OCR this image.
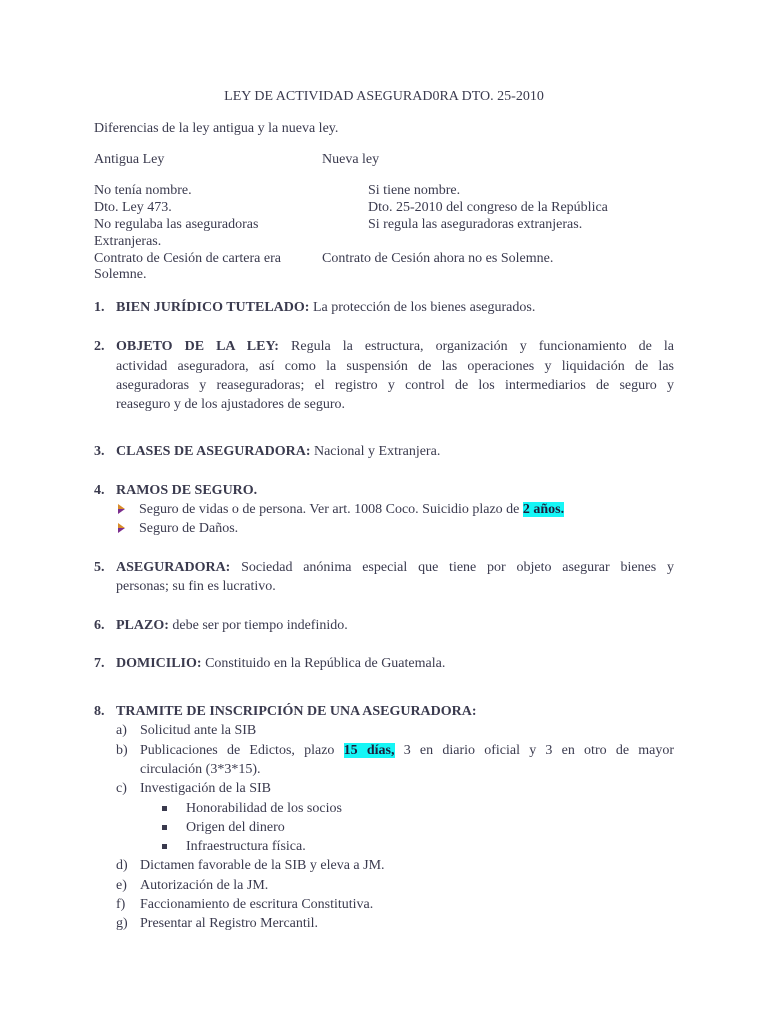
LEY DE ACTIVIDAD ASEGURAD0RA DTO. 25-2010
Diferencias de la ley antigua y la nueva ley.
Antigua Ley	Nueva ley
No tenía nombre.	Si tiene nombre.
Dto. Ley 473.	Dto. 25-2010 del congreso de la República
No regulaba las aseguradoras	Si regula las aseguradoras extranjeras.
Extranjeras.
Contrato de Cesión de cartera era	Contrato de Cesión ahora no es Solemne.
Solemne.
1. BIEN JURÍDICO TUTELADO: La protección de los bienes asegurados.
2. OBJETO DE LA LEY: Regula la estructura, organización y funcionamiento de la
actividad aseguradora, así como la suspensión de las operaciones y liquidación de las
aseguradoras y reaseguradoras; el registro y control de los intermediarios de seguro y
reaseguro y de los ajustadores de seguro.
3. CLASES DE ASEGURADORA: Nacional y Extranjera.
4. RAMOS DE SEGURO.
Seguro de vidas o de persona. Ver art. 1008 Coco. Suicidio plazo de 2 años.
Seguro de Daños.
5. ASEGURADORA: Sociedad anónima especial que tiene por objeto asegurar bienes y
personas; su fin es lucrativo.
6. PLAZO: debe ser por tiempo indefinido.
7. DOMICILIO: Constituido en la República de Guatemala.
8. TRAMITE DE INSCRIPCIÓN DE UNA ASEGURADORA:
a) Solicitud ante la SIB
b) Publicaciones de Edictos, plazo 15 días, 3 en diario oficial y 3 en otro de mayor
circulación (3*3*15).
c) Investigación de la SIB
Honorabilidad de los socios
Origen del dinero
Infraestructura física.
d) Dictamen favorable de la SIB y eleva a JM.
e) Autorización de la JM.
f) Faccionamiento de escritura Constitutiva.
g) Presentar al Registro Mercantil.
